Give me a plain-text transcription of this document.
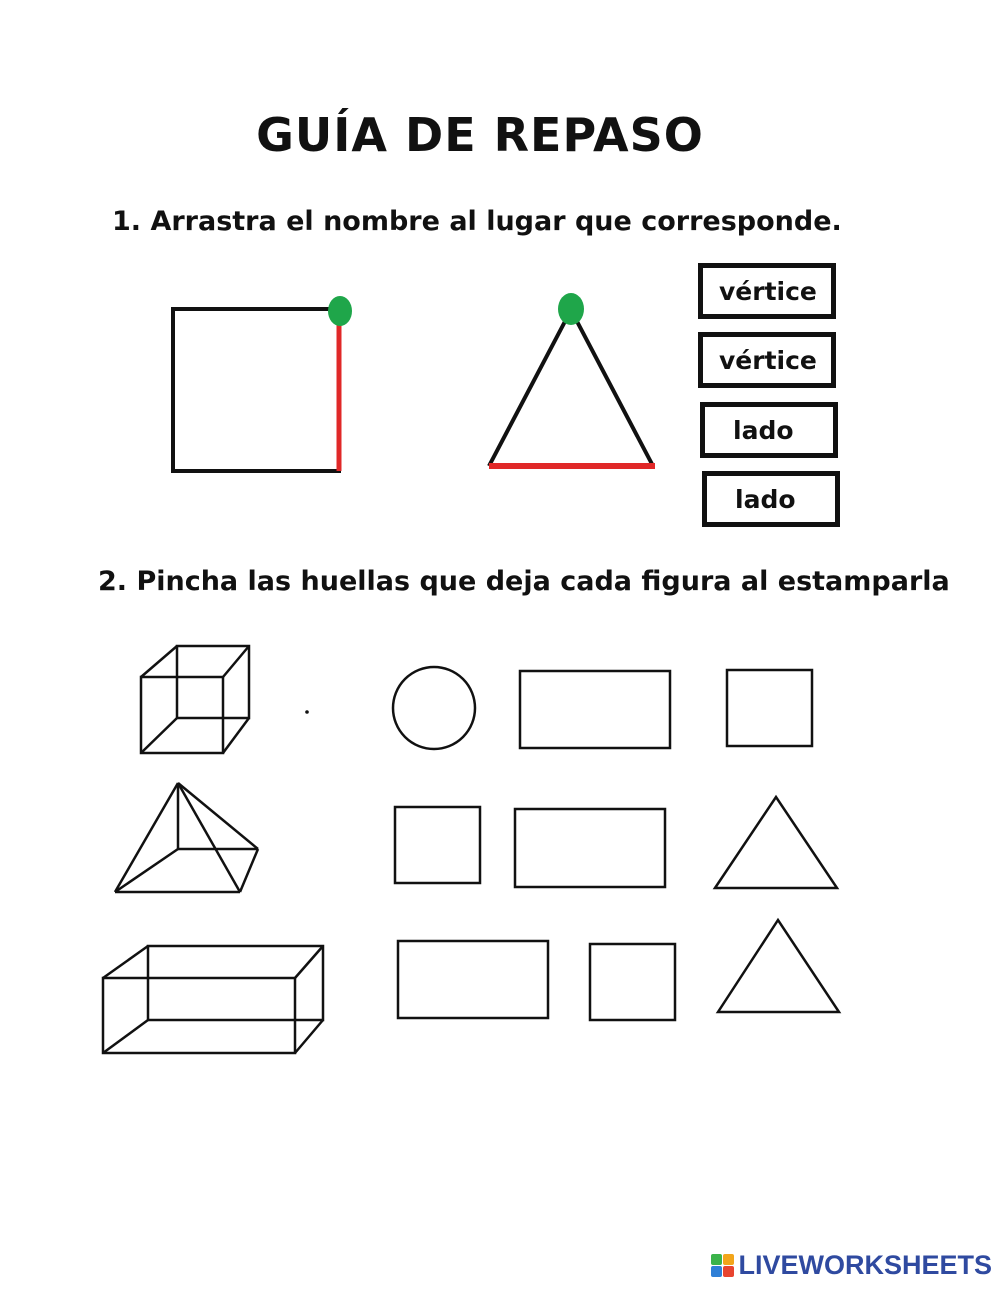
GUÍA DE REPASO
1. Arrastra el nombre al lugar que corresponde.
2. Pincha las huellas que deja cada figura al estamparla
vértice
vértice
lado
lado
LIVEWORKSHEETS
